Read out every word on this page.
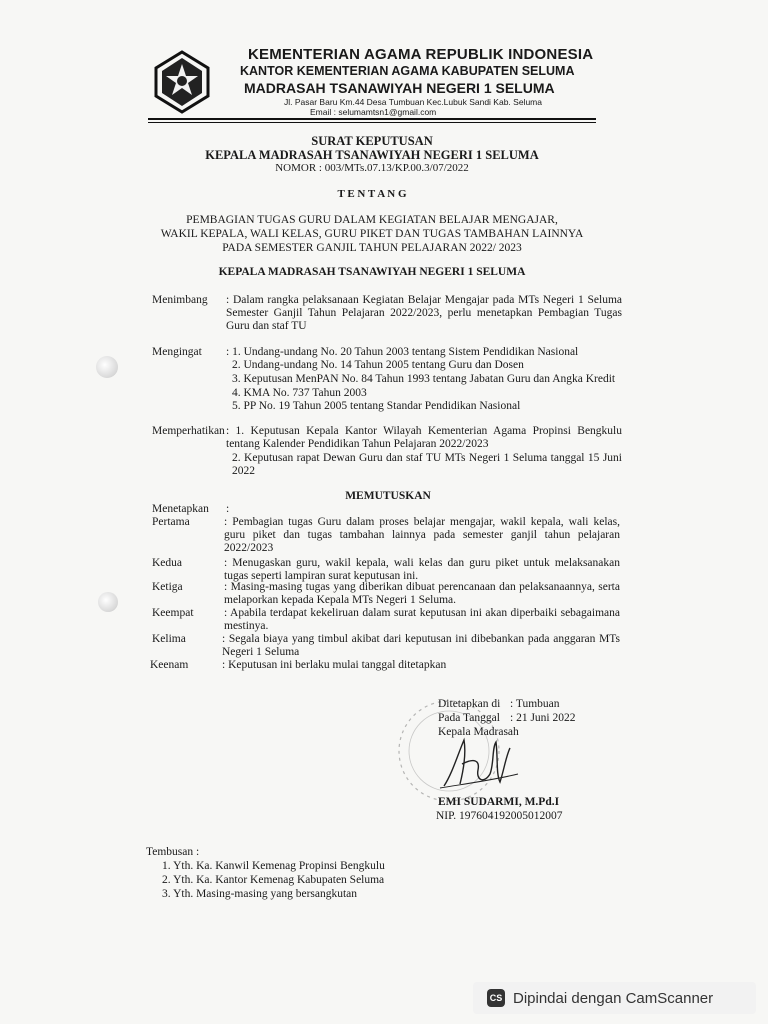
KEMENTERIAN AGAMA REPUBLIK INDONESIA
KANTOR KEMENTERIAN AGAMA KABUPATEN SELUMA
MADRASAH TSANAWIYAH NEGERI 1 SELUMA
Jl. Pasar Baru Km.44 Desa Tumbuan Kec.Lubuk Sandi Kab. Seluma
Email : selumamtsn1@gmail.com
SURAT KEPUTUSAN
KEPALA MADRASAH TSANAWIYAH NEGERI 1 SELUMA
NOMOR : 003/MTs.07.13/KP.00.3/07/2022
T E N T A N G
PEMBAGIAN TUGAS GURU DALAM KEGIATAN BELAJAR MENGAJAR,
WAKIL KEPALA, WALI KELAS, GURU PIKET DAN TUGAS TAMBAHAN LAINNYA
PADA SEMESTER GANJIL TAHUN PELAJARAN 2022/ 2023
KEPALA MADRASAH TSANAWIYAH NEGERI 1 SELUMA
Menimbang : Dalam rangka pelaksanaan Kegiatan Belajar Mengajar pada MTs Negeri 1 Seluma Semester Ganjil Tahun Pelajaran 2022/2023, perlu menetapkan Pembagian Tugas Guru dan staf TU
Mengingat : 1. Undang-undang No. 20 Tahun 2003 tentang Sistem Pendidikan Nasional
2. Undang-undang No. 14 Tahun 2005 tentang Guru dan Dosen
3. Keputusan MenPAN No. 84 Tahun 1993 tentang Jabatan Guru dan Angka Kredit
4. KMA No. 737 Tahun 2003
5. PP No. 19 Tahun 2005 tentang Standar Pendidikan Nasional
Memperhatikan : 1. Keputusan Kepala Kantor Wilayah Kementerian Agama Propinsi Bengkulu tentang Kalender Pendidikan Tahun Pelajaran 2022/2023
2. Keputusan rapat Dewan Guru dan staf TU MTs Negeri 1 Seluma tanggal 15 Juni 2022
MEMUTUSKAN
Menetapkan :
Pertama	: Pembagian tugas Guru dalam proses belajar mengajar, wakil kepala, wali kelas, guru piket dan tugas tambahan lainnya pada semester ganjil tahun pelajaran 2022/2023
Kedua	: Menugaskan guru, wakil kepala, wali kelas dan guru piket untuk melaksanakan tugas seperti lampiran surat keputusan ini.
Ketiga	: Masing-masing tugas yang diberikan dibuat perencanaan dan pelaksanaannya, serta melaporkan kepada Kepala MTs Negeri 1 Seluma.
Keempat	: Apabila terdapat kekeliruan dalam surat keputusan ini akan diperbaiki sebagaimana mestinya.
Kelima	: Segala biaya yang timbul akibat dari keputusan ini dibebankan pada anggaran MTs Negeri 1 Seluma
Keenam	: Keputusan ini berlaku mulai tanggal ditetapkan
Ditetapkan di : Tumbuan
Pada Tanggal : 21 Juni 2022
Kepala Madrasah
EMI SUDARMI, M.Pd.I
NIP. 197604192005012007
Tembusan :
1. Yth. Ka. Kanwil Kemenag Propinsi Bengkulu
2. Yth. Ka. Kantor Kemenag Kabupaten Seluma
3. Yth. Masing-masing yang bersangkutan
CS Dipindai dengan CamScanner
